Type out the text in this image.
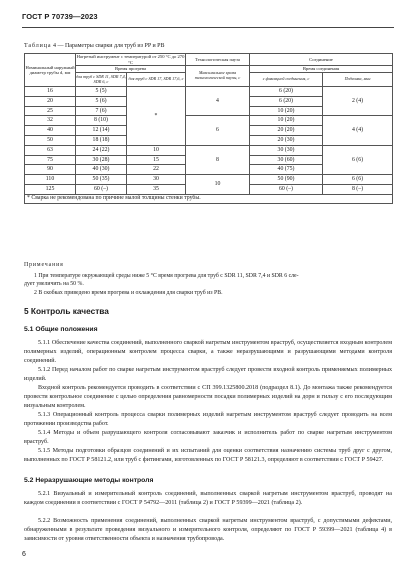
ГОСТ Р 70739—2023
Таблица 4 — Параметры сварки для труб из PP и PB
Номинальный наружный диаметр трубы d, мм	Нагретый инструмент с температурой от 250 °С до 270 °С		Технологическая пауза	Соединение	
	Время прогрева		Максимальное время технологической паузы, с	Время соединения	
	для труб с SDR 11, SDR 7,4, SDR 6, с	для труб с SDR 17, SDR 17,6, с		с фиксацией соединения, с	Подгонка, мин
16	5 (5)	*	4	6 (20)	2 (4)
20	5 (6)			6 (20)	
25	7 (6)			10 (20)	
32	8 (10)		6	10 (20)	4 (4)
40	12 (14)			20 (20)	
50	18 (18)			20 (30)	
63	24 (22)	10	8	30 (30)	6 (6)
75	30 (28)	15		30 (60)	
90	40 (30)	22		40 (75)	
110	50 (35)	30	10	50 (90)	6 (6)
125	60 (–)	35		60 (–)	8 (–)
* Сварка не рекомендована по причине малой толщины стенки трубы.					
Примечания
1 При температуре окружающей среды ниже 5 °С время прогрева для труб с SDR 11, SDR 7,4 и SDR 6 сле-
дует увеличить на 50 %.
2 В скобках приведено время прогрева и охлаждения для сварки труб из PB.
5 Контроль качества
5.1 Общие положения
5.1.1 Обеспечение качества соединений, выполненного сваркой нагретым инструментом враструб, осуществляется входным контролем полимерных изделий, операционным контролем процесса сварки, а также неразрушающими и разрушающими методами контроля соединений.
5.1.2 Перед началом работ по сварке нагретым инструментом враструб следует провести входной контроль применяемых полимерных изделий.
Входной контроль рекомендуется проводить в соответствии с СП 399.1325800.2018 (подраздел 8.1). До монтажа также рекомендуется провести контрольное соединение с целью определения равномерности посадки полимерных изделий на дорн и гильзу с его последующим визуальным контролем.
5.1.3 Операционный контроль процесса сварки полимерных изделий нагретым инструментом враструб следует проводить на всем протяжении производства работ.
5.1.4 Методы и объем разрушающего контроля согласовывают заказчик и исполнитель работ по сварке нагретым инструментом враструб.
5.1.5 Методы подготовки образцов соединений и их испытаний для оценки соответствия назначению системы труб друг с другом, выполненных по ГОСТ Р 58121.2, или труб с фитингами, изготовленных по ГОСТ Р 58121.3, определяют в соответствии с ГОСТ Р 59427.
5.2 Неразрушающие методы контроля
5.2.1 Визуальный и измерительный контроль соединений, выполненных сваркой нагретым инструментом враструб, проводят на каждом соединении в соответствии с ГОСТ Р 54792—2011 (таблица 2) и ГОСТ Р 59399—2021 (таблица 2).
5.2.2 Возможность применения соединений, выполненных сваркой нагретым инструментом враструб, с допустимыми дефектами, обнаруженными в результате проведения визуального и измерительного контроля, определяют по ГОСТ Р 59399—2021 (таблица 4) в зависимости от уровня ответственности объекта и назначения трубопровода.
6
